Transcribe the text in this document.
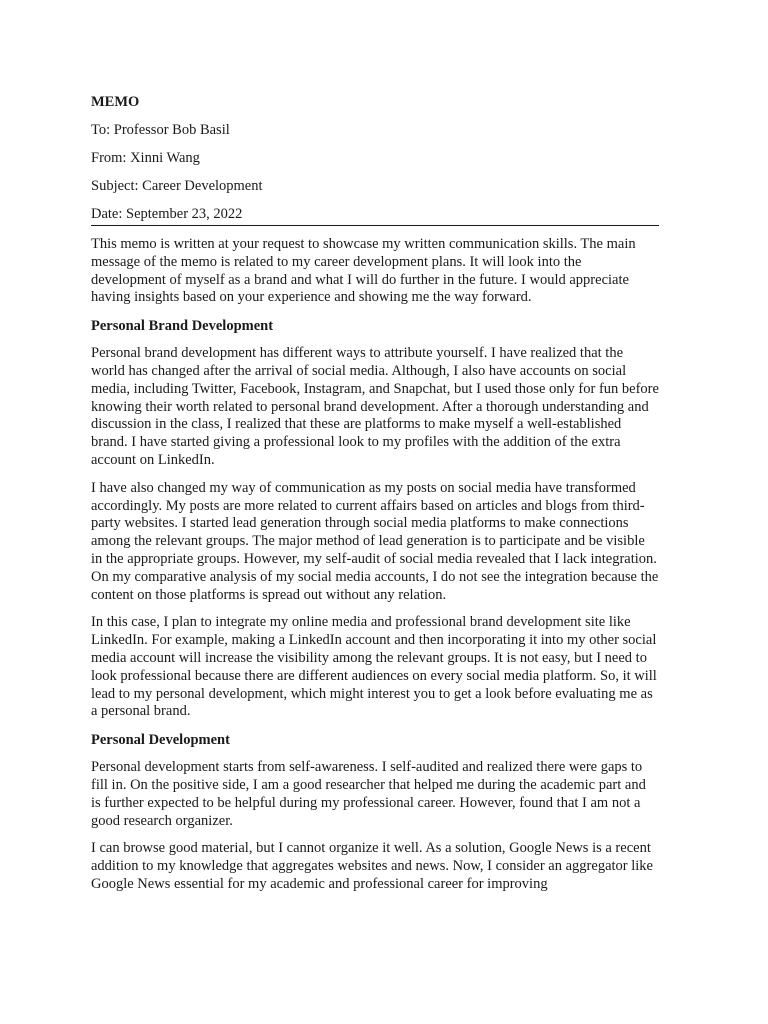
MEMO
To: Professor Bob Basil
From: Xinni Wang
Subject: Career Development
Date: September 23, 2022

This memo is written at your request to showcase my written communication skills. The main message of the memo is related to my career development plans. It will look into the development of myself as a brand and what I will do further in the future. I would appreciate having insights based on your experience and showing me the way forward.

Personal Brand Development

Personal brand development has different ways to attribute yourself. I have realized that the world has changed after the arrival of social media. Although, I also have accounts on social media, including Twitter, Facebook, Instagram, and Snapchat, but I used those only for fun before knowing their worth related to personal brand development. After a thorough understanding and discussion in the class, I realized that these are platforms to make myself a well-established brand. I have started giving a professional look to my profiles with the addition of the extra account on LinkedIn.

I have also changed my way of communication as my posts on social media have transformed accordingly. My posts are more related to current affairs based on articles and blogs from third-party websites. I started lead generation through social media platforms to make connections among the relevant groups. The major method of lead generation is to participate and be visible in the appropriate groups. However, my self-audit of social media revealed that I lack integration. On my comparative analysis of my social media accounts, I do not see the integration because the content on those platforms is spread out without any relation.

In this case, I plan to integrate my online media and professional brand development site like LinkedIn. For example, making a LinkedIn account and then incorporating it into my other social media account will increase the visibility among the relevant groups. It is not easy, but I need to look professional because there are different audiences on every social media platform. So, it will lead to my personal development, which might interest you to get a look before evaluating me as a personal brand.

Personal Development

Personal development starts from self-awareness. I self-audited and realized there were gaps to fill in. On the positive side, I am a good researcher that helped me during the academic part and is further expected to be helpful during my professional career. However, found that I am not a good research organizer.

I can browse good material, but I cannot organize it well. As a solution, Google News is a recent addition to my knowledge that aggregates websites and news. Now, I consider an aggregator like Google News essential for my academic and professional career for improving
